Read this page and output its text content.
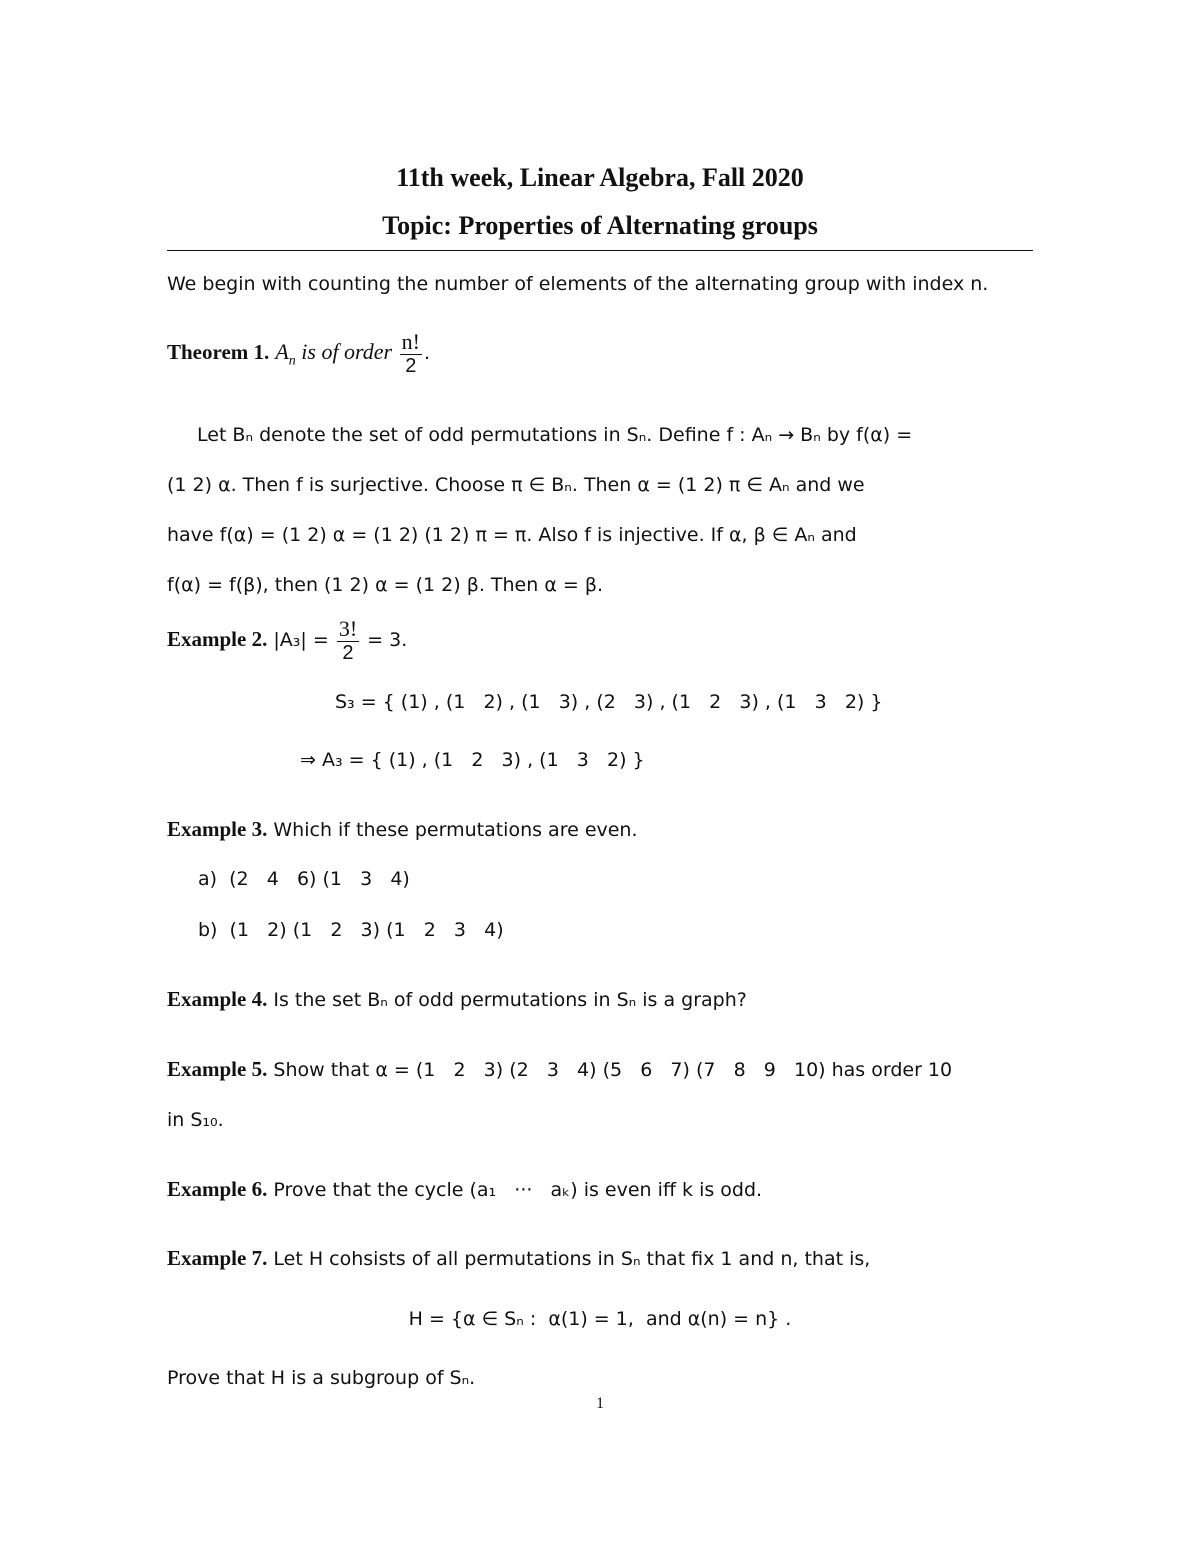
11th week, Linear Algebra, Fall 2020
Topic: Properties of Alternating groups
We begin with counting the number of elements of the alternating group with index n.
Theorem 1. $A_n$ is of order $\frac{n!}{2}$ .
Let Bₙ denote the set of odd permutations in Sₙ. Define f : Aₙ → Bₙ by f(α) =
(1 2) α. Then f is surjective. Choose π ∈ Bₙ. Then α = (1 2) π ∈ Aₙ and we
have f(α) = (1 2) α = (1 2) (1 2) π = π. Also f is injective. If α, β ∈ Aₙ and
f(α) = f(β), then (1 2) α = (1 2) β. Then α = β.
Example 2. $|A_3| = \frac{3!}{2} = 3$.
S₃ = { (1) , (1   2) , (1   3) , (2   3) , (1   2   3) , (1   3   2) }
⇒ A₃ = { (1) , (1   2   3) , (1   3   2) }
Example 3. Which if these permutations are even.
a)  (2   4   6) (1   3   4)
b)  (1   2) (1   2   3) (1   2   3   4)
Example 4. Is the set Bₙ of odd permutations in Sₙ is a graph?
Example 5. Show that α = (1   2   3) (2   3   4) (5   6   7) (7   8   9   10) has order 10
in S₁₀.
Example 6. Prove that the cycle (a₁   ···   aₖ) is even iff k is odd.
Example 7. Let H cohsists of all permutations in Sₙ that fix 1 and n, that is,
H = {α ∈ Sₙ :  α(1) = 1,  and α(n) = n} .
Prove that H is a subgroup of Sₙ.
1
